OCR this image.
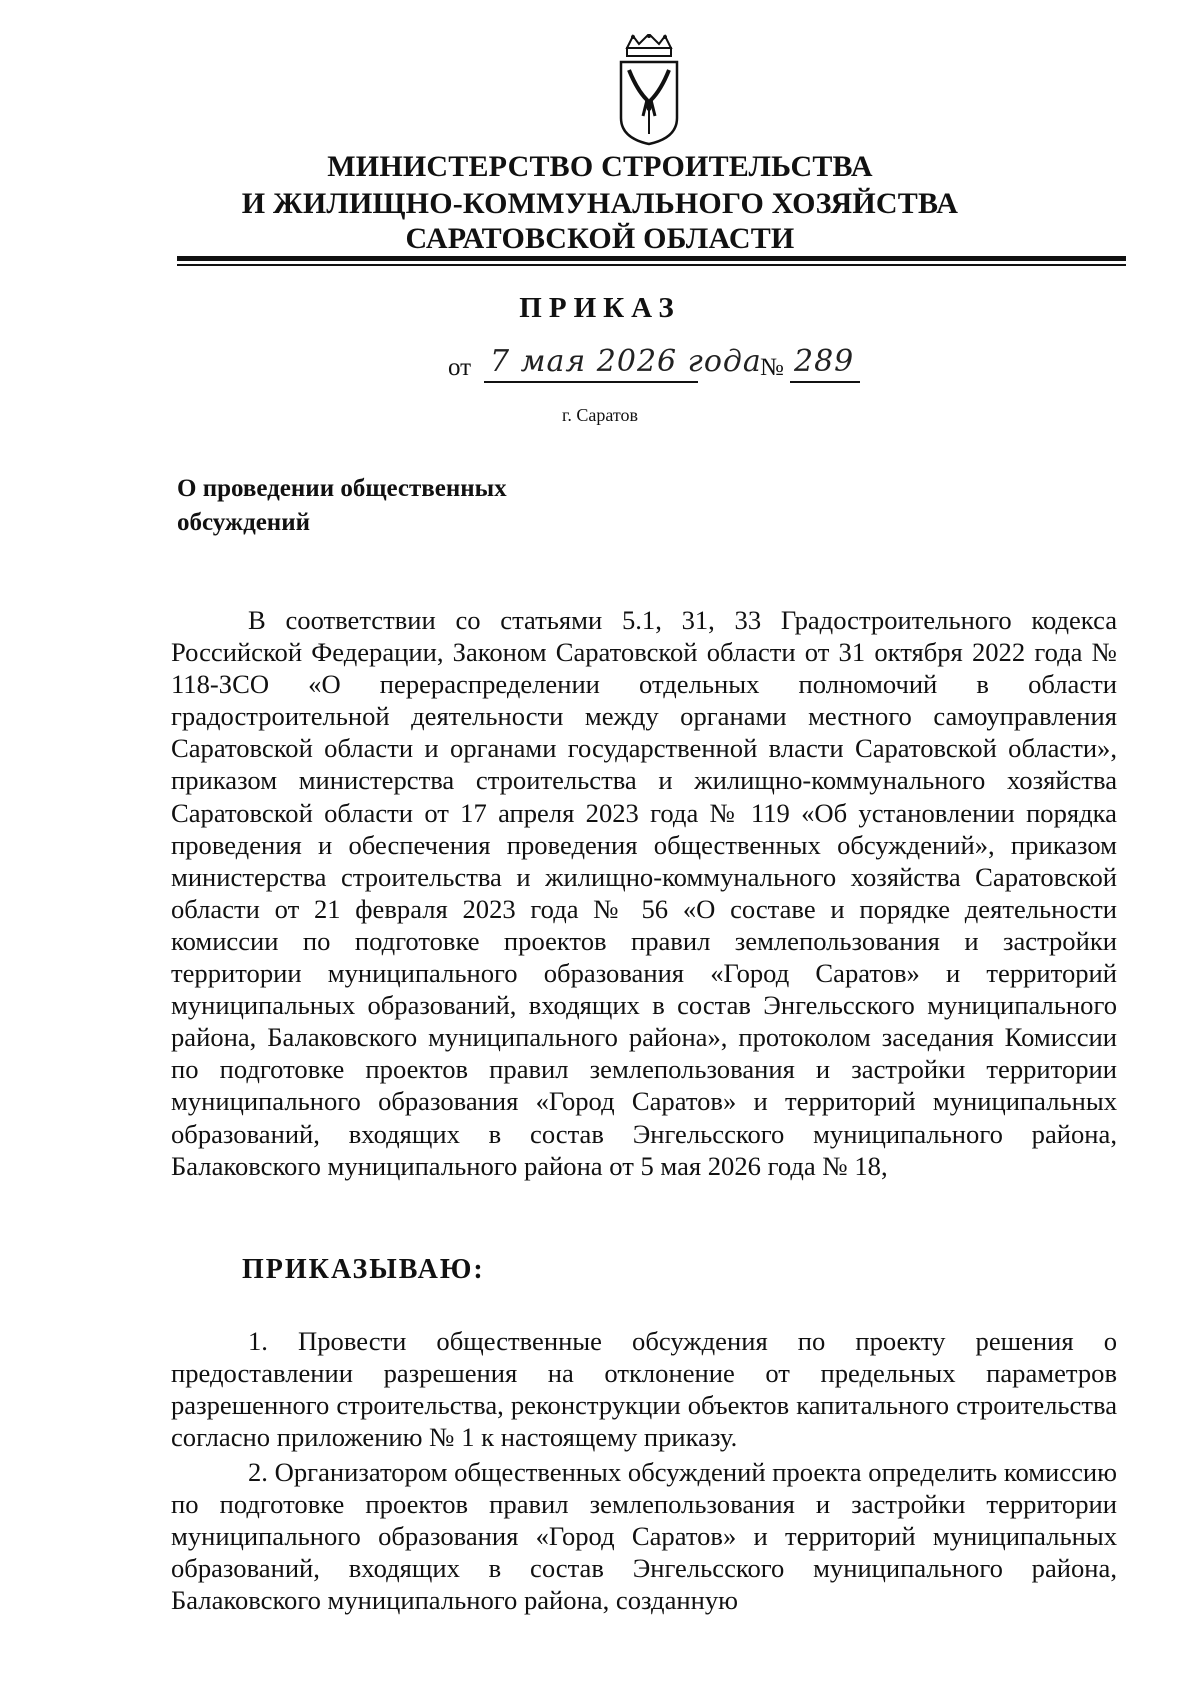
МИНИСТЕРСТВО СТРОИТЕЛЬСТВА
И ЖИЛИЩНО-КОММУНАЛЬНОГО ХОЗЯЙСТВА
САРАТОВСКОЙ ОБЛАСТИ
ПРИКАЗ
от 7 мая 2026 года
№ 289
г. Саратов
О проведении общественных обсуждений

В соответствии со статьями 5.1, 31, 33 Градостроительного кодекса Российской Федерации, Законом Саратовской области от 31 октября 2022 года № 118-ЗСО «О перераспределении отдельных полномочий в области градостроительной деятельности между органами местного самоуправления Саратовской области и органами государственной власти Саратовской области», приказом министерства строительства и жилищно-коммунального хозяйства Саратовской области от 17 апреля 2023 года № 119 «Об установлении порядка проведения и обеспечения проведения общественных обсуждений», приказом министерства строительства и жилищно-коммунального хозяйства Саратовской области от 21 февраля 2023 года № 56 «О составе и порядке деятельности комиссии по подготовке проектов правил землепользования и застройки территории муниципального образования «Город Саратов» и территорий муниципальных образований, входящих в состав Энгельсского муниципального района, Балаковского муниципального района», протоколом заседания Комиссии по подготовке проектов правил землепользования и застройки территории муниципального образования «Город Саратов» и территорий муниципальных образований, входящих в состав Энгельсского муниципального района, Балаковского муниципального района от 5 мая 2026 года № 18,

ПРИКАЗЫВАЮ:

1. Провести общественные обсуждения по проекту решения о предоставлении разрешения на отклонение от предельных параметров разрешенного строительства, реконструкции объектов капитального строительства согласно приложению № 1 к настоящему приказу.

2. Организатором общественных обсуждений проекта определить комиссию по подготовке проектов правил землепользования и застройки территории муниципального образования «Город Саратов» и территорий муниципальных образований, входящих в состав Энгельсского муниципального района, Балаковского муниципального района, созданную
